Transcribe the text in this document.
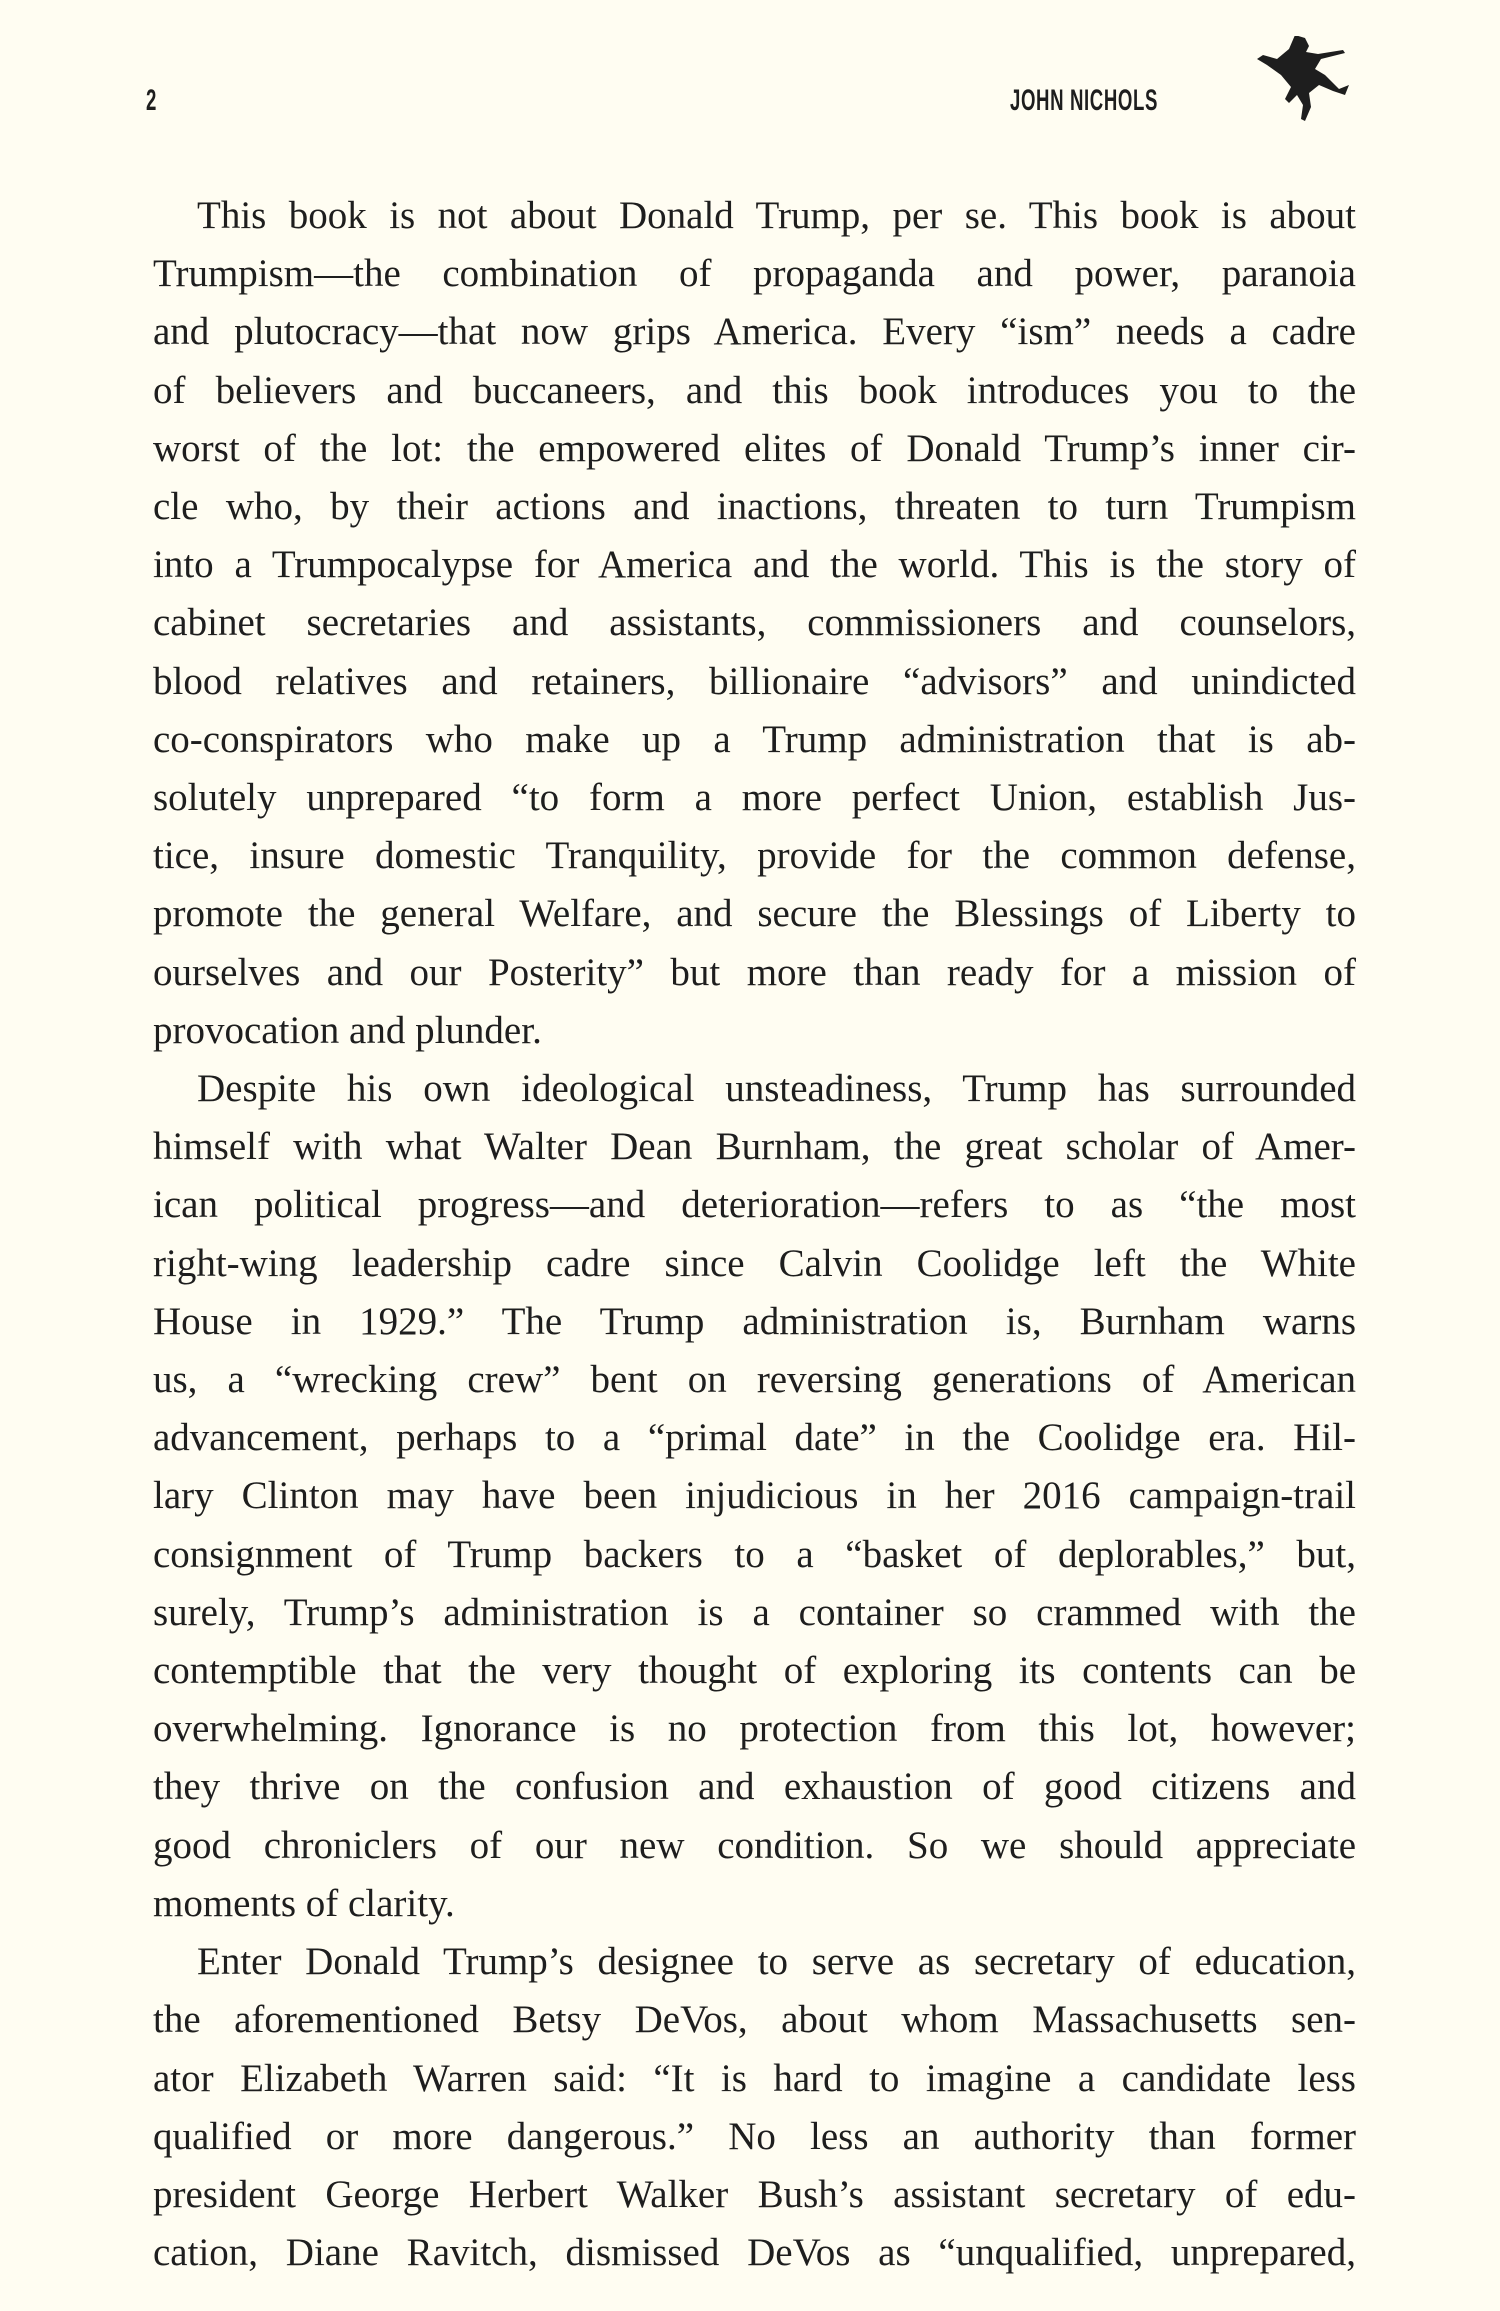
2	JOHN NICHOLS
This book is not about Donald Trump, per se. This book is about
Trumpism—the combination of propaganda and power, paranoia
and plutocracy—that now grips America. Every “ism” needs a cadre
of believers and buccaneers, and this book introduces you to the
worst of the lot: the empowered elites of Donald Trump’s inner cir-
cle who, by their actions and inactions, threaten to turn Trumpism
into a Trumpocalypse for America and the world. This is the story of
cabinet secretaries and assistants, commissioners and counselors,
blood relatives and retainers, billionaire “advisors” and unindicted
co-conspirators who make up a Trump administration that is ab-
solutely unprepared “to form a more perfect Union, establish Jus-
tice, insure domestic Tranquility, provide for the common defense,
promote the general Welfare, and secure the Blessings of Liberty to
ourselves and our Posterity” but more than ready for a mission of
provocation and plunder.
Despite his own ideological unsteadiness, Trump has surrounded
himself with what Walter Dean Burnham, the great scholar of Amer-
ican political progress—and deterioration—refers to as “the most
right-wing leadership cadre since Calvin Coolidge left the White
House in 1929.” The Trump administration is, Burnham warns
us, a “wrecking crew” bent on reversing generations of American
advancement, perhaps to a “primal date” in the Coolidge era. Hil-
lary Clinton may have been injudicious in her 2016 campaign-trail
consignment of Trump backers to a “basket of deplorables,” but,
surely, Trump’s administration is a container so crammed with the
contemptible that the very thought of exploring its contents can be
overwhelming. Ignorance is no protection from this lot, however;
they thrive on the confusion and exhaustion of good citizens and
good chroniclers of our new condition. So we should appreciate
moments of clarity.
Enter Donald Trump’s designee to serve as secretary of education,
the aforementioned Betsy DeVos, about whom Massachusetts sen-
ator Elizabeth Warren said: “It is hard to imagine a candidate less
qualified or more dangerous.” No less an authority than former
president George Herbert Walker Bush’s assistant secretary of edu-
cation, Diane Ravitch, dismissed DeVos as “unqualified, unprepared,
